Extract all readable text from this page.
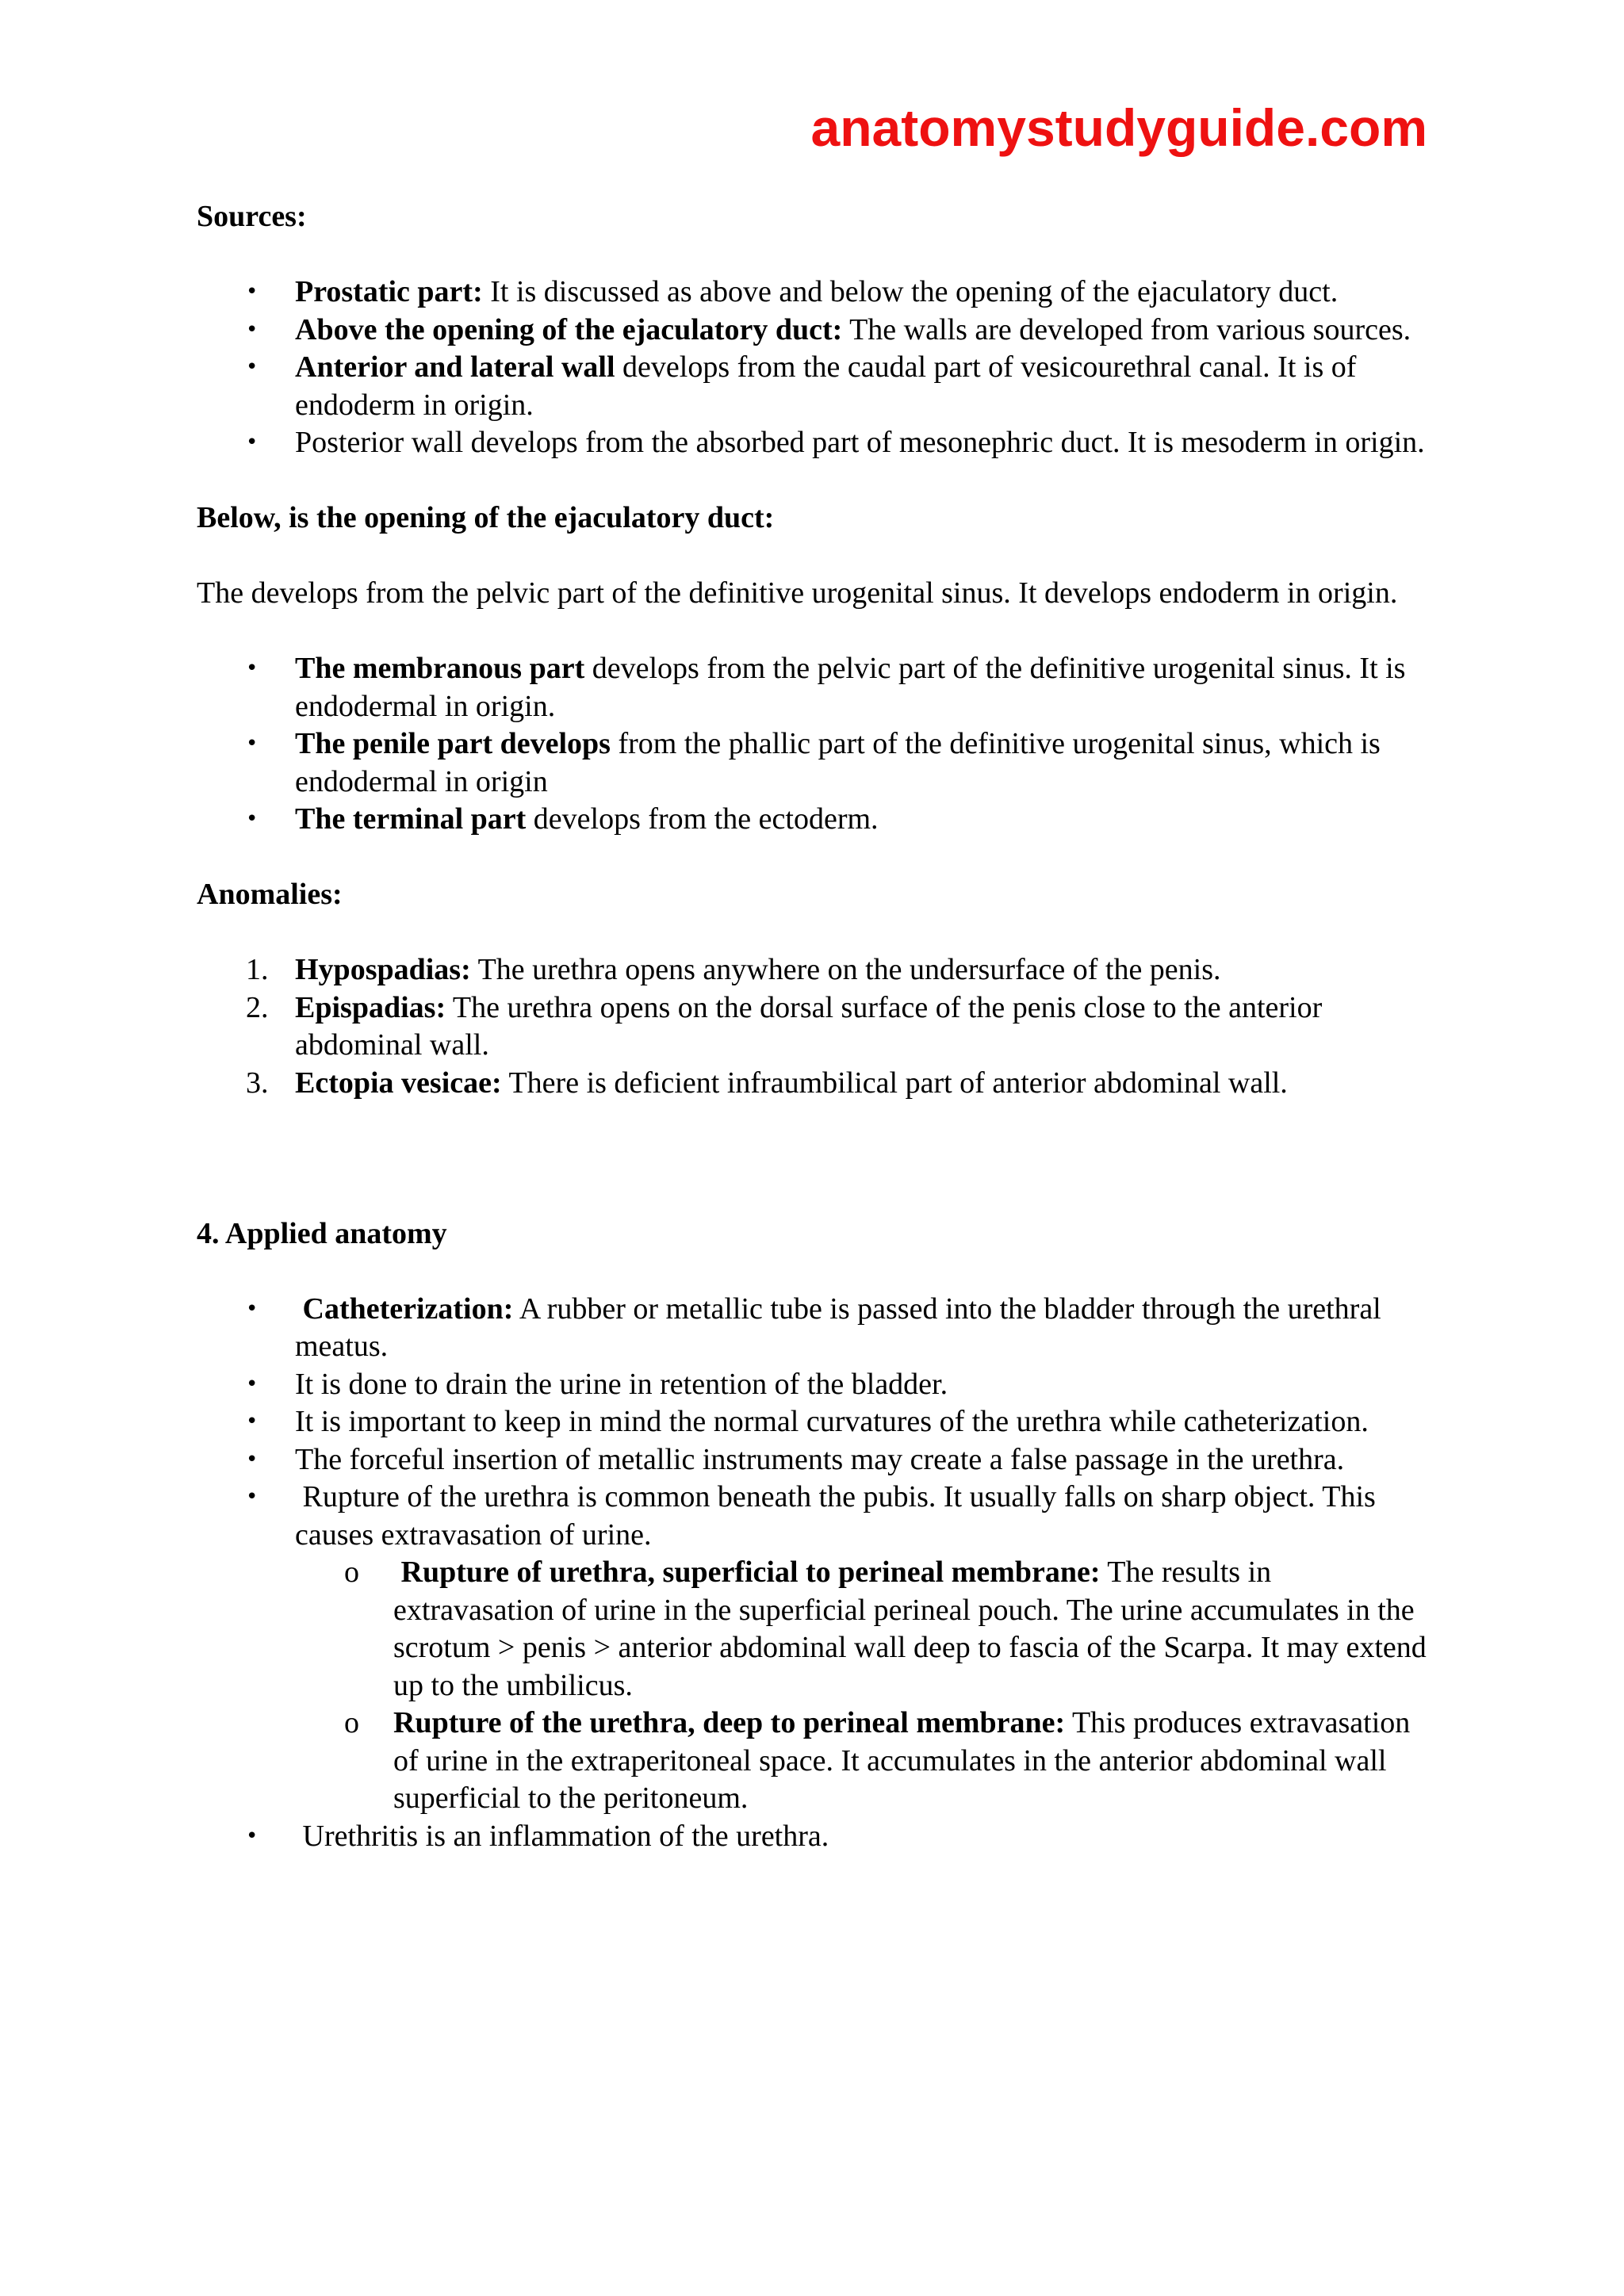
anatomystudyguide.com

Sources:

• Prostatic part: It is discussed as above and below the opening of the ejaculatory duct.
• Above the opening of the ejaculatory duct: The walls are developed from various sources.
• Anterior and lateral wall develops from the caudal part of vesicourethral canal. It is of endoderm in origin.
• Posterior wall develops from the absorbed part of mesonephric duct. It is mesoderm in origin.

Below, is the opening of the ejaculatory duct:

The develops from the pelvic part of the definitive urogenital sinus. It develops endoderm in origin.

• The membranous part develops from the pelvic part of the definitive urogenital sinus. It is endodermal in origin.
• The penile part develops from the phallic part of the definitive urogenital sinus, which is endodermal in origin
• The terminal part develops from the ectoderm.

Anomalies:

1. Hypospadias: The urethra opens anywhere on the undersurface of the penis.
2. Epispadias: The urethra opens on the dorsal surface of the penis close to the anterior abdominal wall.
3. Ectopia vesicae: There is deficient infraumbilical part of anterior abdominal wall.

4. Applied anatomy

• Catheterization: A rubber or metallic tube is passed into the bladder through the urethral meatus.
• It is done to drain the urine in retention of the bladder.
• It is important to keep in mind the normal curvatures of the urethra while catheterization.
• The forceful insertion of metallic instruments may create a false passage in the urethra.
• Rupture of the urethra is common beneath the pubis. It usually falls on sharp object. This causes extravasation of urine.
o Rupture of urethra, superficial to perineal membrane: The results in extravasation of urine in the superficial perineal pouch. The urine accumulates in the scrotum > penis > anterior abdominal wall deep to fascia of the Scarpa. It may extend up to the umbilicus.
o Rupture of the urethra, deep to perineal membrane: This produces extravasation of urine in the extraperitoneal space. It accumulates in the anterior abdominal wall superficial to the peritoneum.
• Urethritis is an inflammation of the urethra.
